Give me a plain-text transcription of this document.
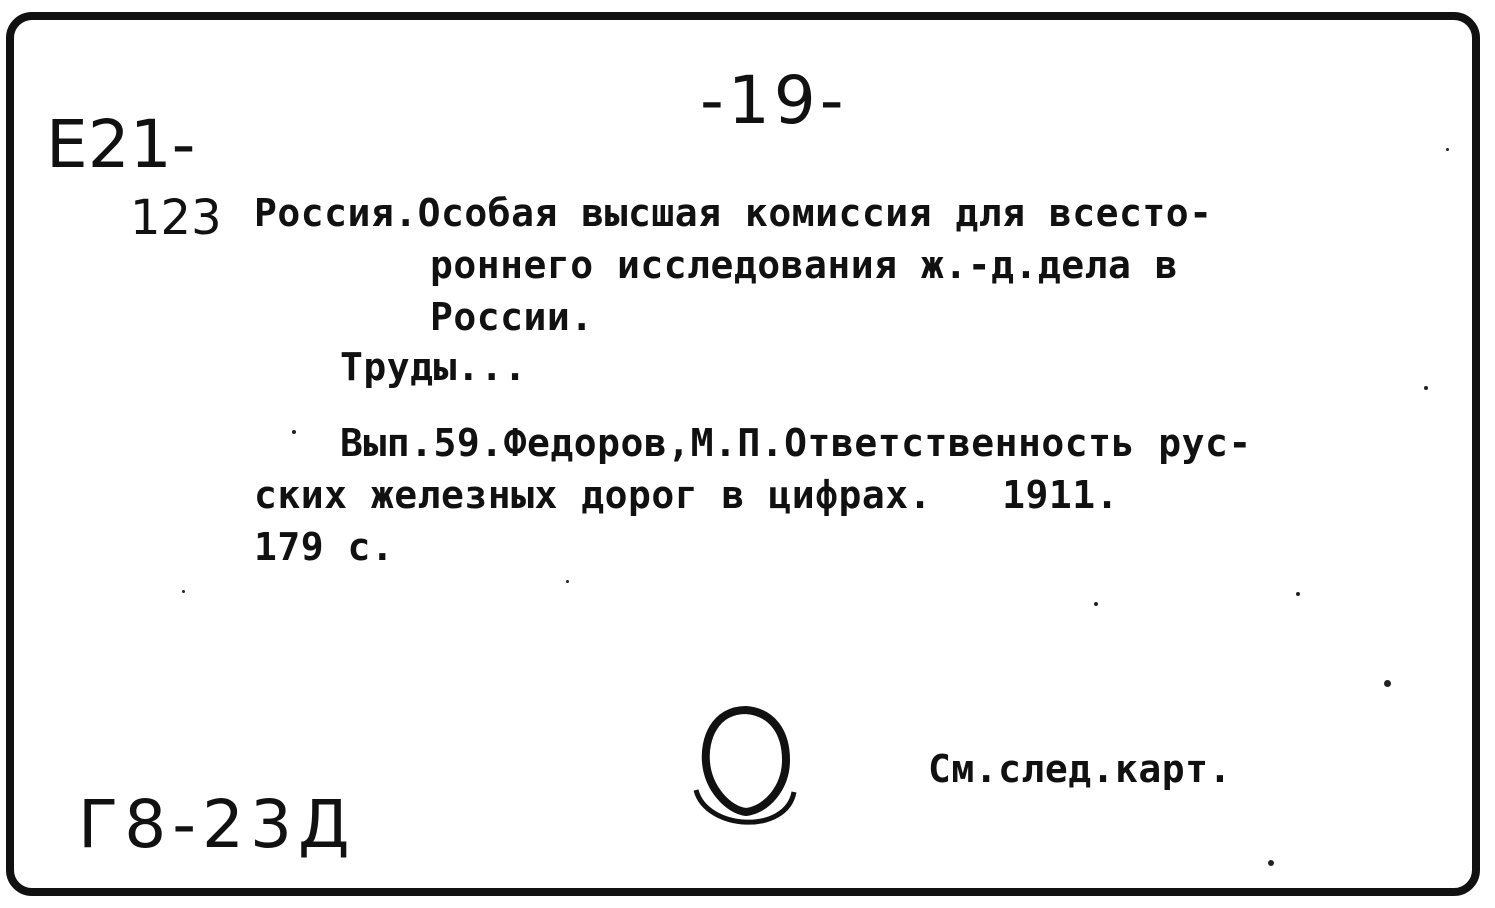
-19-
E21-
123 Россия.Особая высшая комиссия для всесто-
роннего исследования ж.-д.дела в
России.
Труды...
Вып.59.Федоров,М.П.Ответственность рус-
ских железных дорог в цифрах.   1911.
179 с.
См.след.карт.
Г8-23Д
